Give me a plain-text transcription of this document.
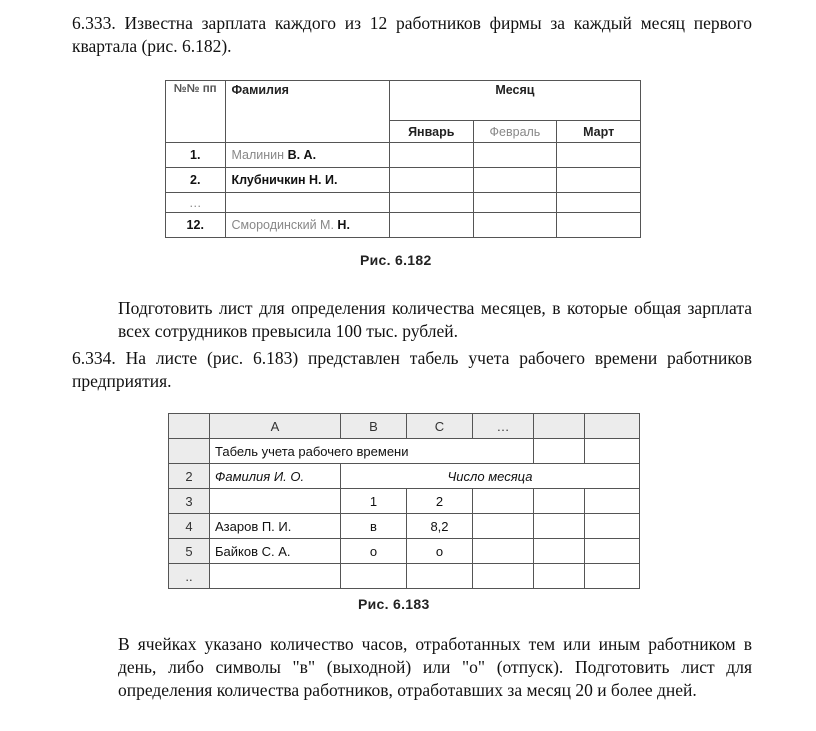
6.333. Известна зарплата каждого из 12 работников фирмы за каждый месяц первого квартала (рис. 6.182).
№№ пп	Фамилия	Месяц		
		Январь	Февраль	Март
1.	Малинин В. А.			
2.	Клубничкин Н. И.			
…				
12.	Смородинский М. Н.			
Рис. 6.182
Подготовить лист для определения количества месяцев, в которые общая зарплата всех сотрудников превысила 100 тыс. рублей.
6.334. На листе (рис. 6.183) представлен табель учета рабочего времени работников предприятия.
	A	B	C	…		
	Табель учета рабочего времени					
2	Фамилия И. О.	Число месяца				
3		1	2			
4	Азаров П. И.	в	8,2			
5	Байков С. А.	о	о			
..						
Рис. 6.183
В ячейках указано количество часов, отработанных тем или иным работником в день, либо символы "в" (выходной) или "о" (отпуск). Подготовить лист для определения количества работников, отработавших за месяц 20 и более дней.
